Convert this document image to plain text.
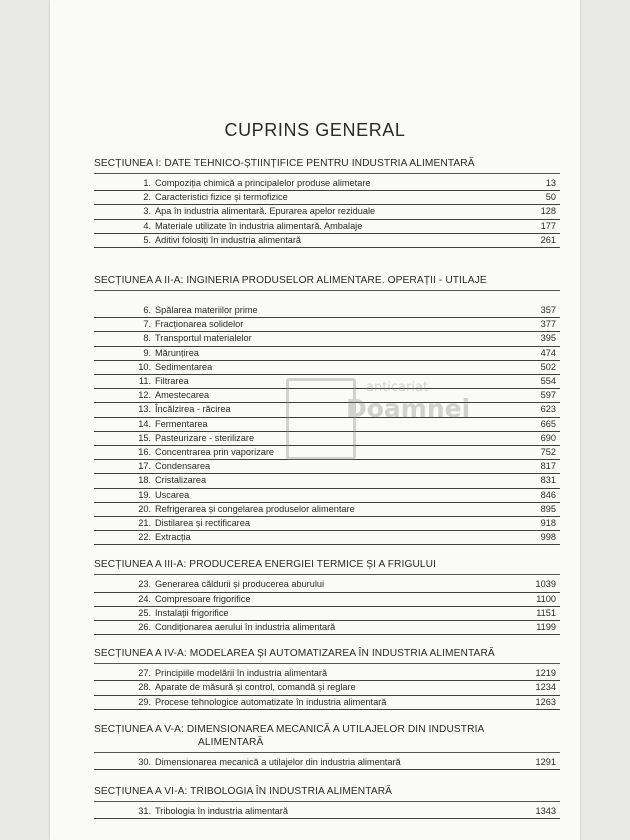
CUPRINS GENERAL
SECȚIUNEA I: DATE TEHNICO-ȘTIINȚIFICE PENTRU INDUSTRIA ALIMENTARĂ
1. Compoziția chimică a principalelor produse alimetare	13
2. Caracteristici fizice și termofizice	50
3. Apa în industria alimentară. Epurarea apelor reziduale	128
4. Materiale utilizate în industria alimentară. Ambalaje	177
5. Aditivi folosiți în industria alimentară	261
SECȚIUNEA A II-A: INGINERIA PRODUSELOR ALIMENTARE. OPERAȚII - UTILAJE
6. Spălarea materiilor prime	357
7. Fracționarea solidelor	377
8. Transportul materialelor	395
9. Mărunțirea	474
10. Sedimentarea	502
11. Filtrarea	554
12. Amestecarea	597
13. Încălzirea - răcirea	623
14. Fermentarea	665
15. Pasteurizare - sterilizare	690
16. Concentrarea prin vaporizare	752
17. Condensarea	817
18. Cristalizarea	831
19. Uscarea	846
20. Refrigerarea și congelarea produselor alimentare	895
21. Distilarea și rectificarea	918
22. Extracția	998
SECȚIUNEA A III-A: PRODUCEREA ENERGIEI TERMICE ȘI A FRIGULUI
23. Generarea căldurii și producerea aburului	1039
24. Compresoare frigorifice	1100
25. Instalații frigorifice	1151
26. Condiționarea aerului în industria alimentară	1199
SECȚIUNEA A IV-A: MODELAREA ȘI AUTOMATIZAREA ÎN INDUSTRIA ALIMENTARĂ
27. Principiile modelării în industria alimentară	1219
28. Aparate de măsură și control, comandă și reglare	1234
29. Procese tehnologice automatizate în industria alimentară	1263
SECȚIUNEA A V-A: DIMENSIONAREA MECANICĂ A UTILAJELOR DIN INDUSTRIA
ALIMENTARĂ
30. Dimensionarea mecanică a utilajelor din industria alimentară	1291
SECȚIUNEA A VI-A: TRIBOLOGIA ÎN INDUSTRIA ALIMENTARĂ
31. Tribologia în industria alimentară	1343
anticariat
Doamnei
